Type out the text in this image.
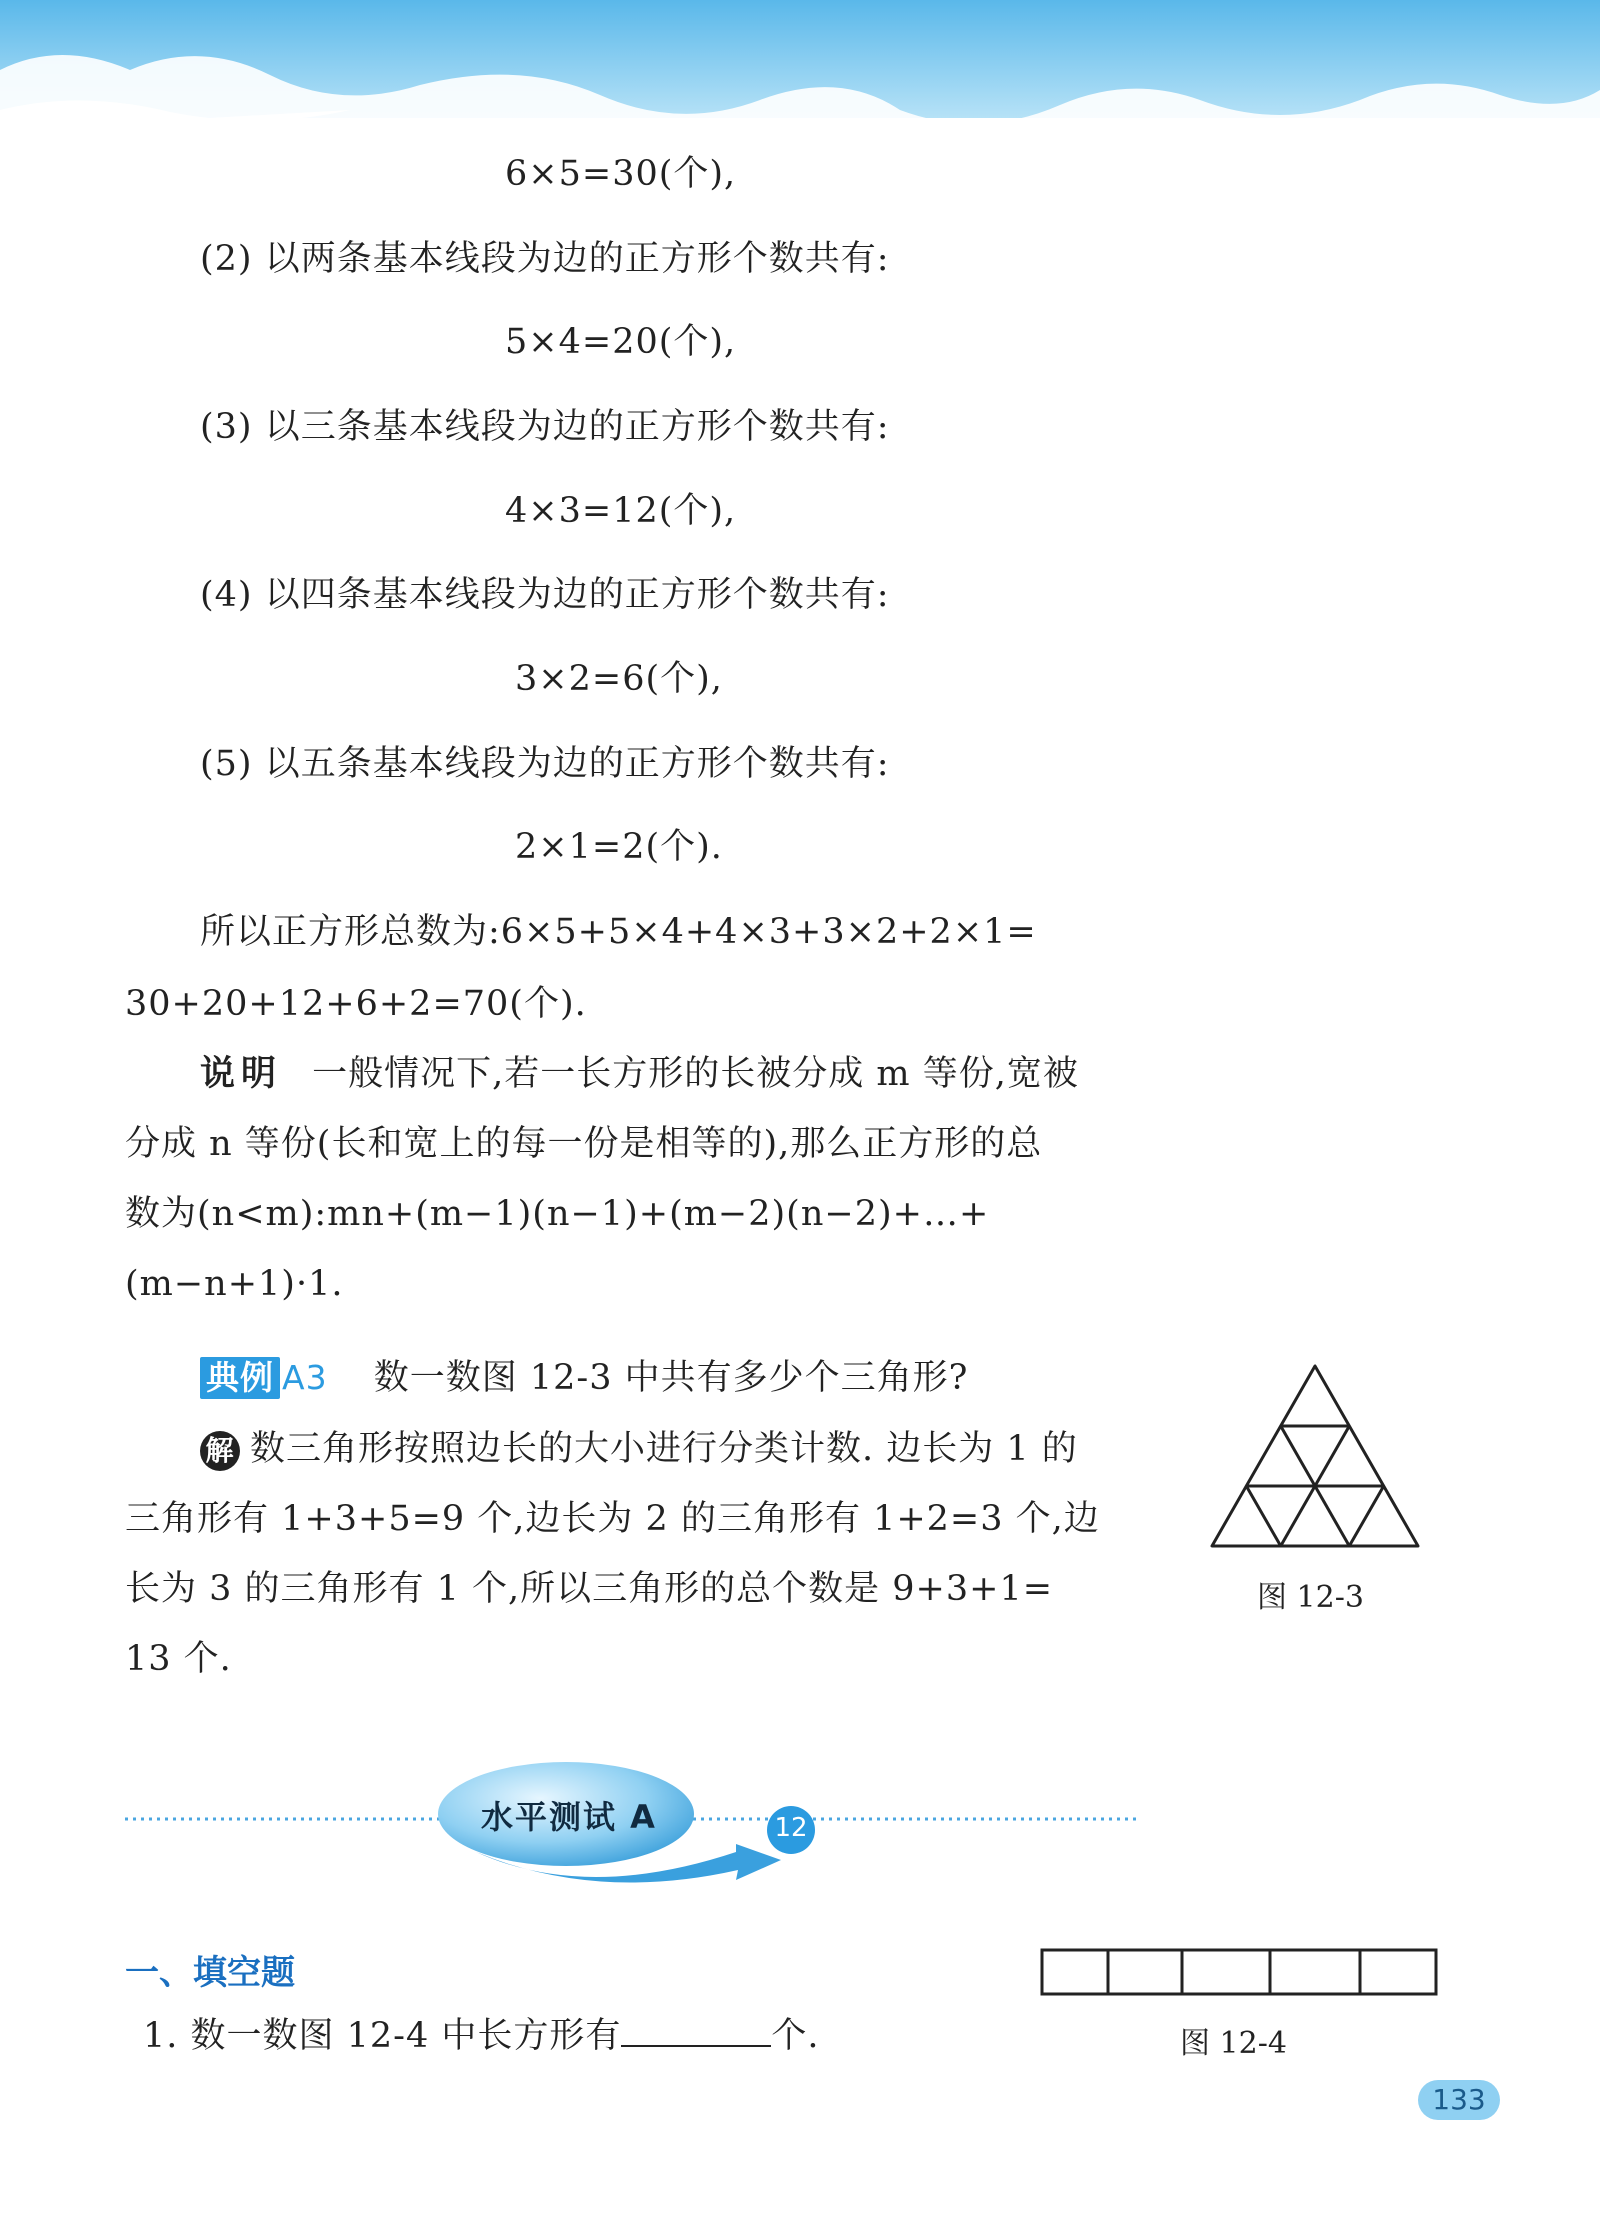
6×5=30(个),
(2) 以两条基本线段为边的正方形个数共有:
5×4=20(个),
(3) 以三条基本线段为边的正方形个数共有:
4×3=12(个),
(4) 以四条基本线段为边的正方形个数共有:
3×2=6(个),
(5) 以五条基本线段为边的正方形个数共有:
2×1=2(个).
所以正方形总数为:6×5+5×4+4×3+3×2+2×1=
30+20+12+6+2=70(个).
说明 一般情况下,若一长方形的长被分成 m 等份,宽被
分成 n 等份(长和宽上的每一份是相等的),那么正方形的总
数为(n<m):mn+(m−1)(n−1)+(m−2)(n−2)+…+
(m−n+1)·1.
典例 A3 数一数图 12-3 中共有多少个三角形?
解 数三角形按照边长的大小进行分类计数. 边长为 1 的
三角形有 1+3+5=9 个,边长为 2 的三角形有 1+2=3 个,边
长为 3 的三角形有 1 个,所以三角形的总个数是 9+3+1=
13 个.
图 12-3
水平测试 A	12
一、填空题
1. 数一数图 12-4 中长方形有	个.	图 12-4
133
